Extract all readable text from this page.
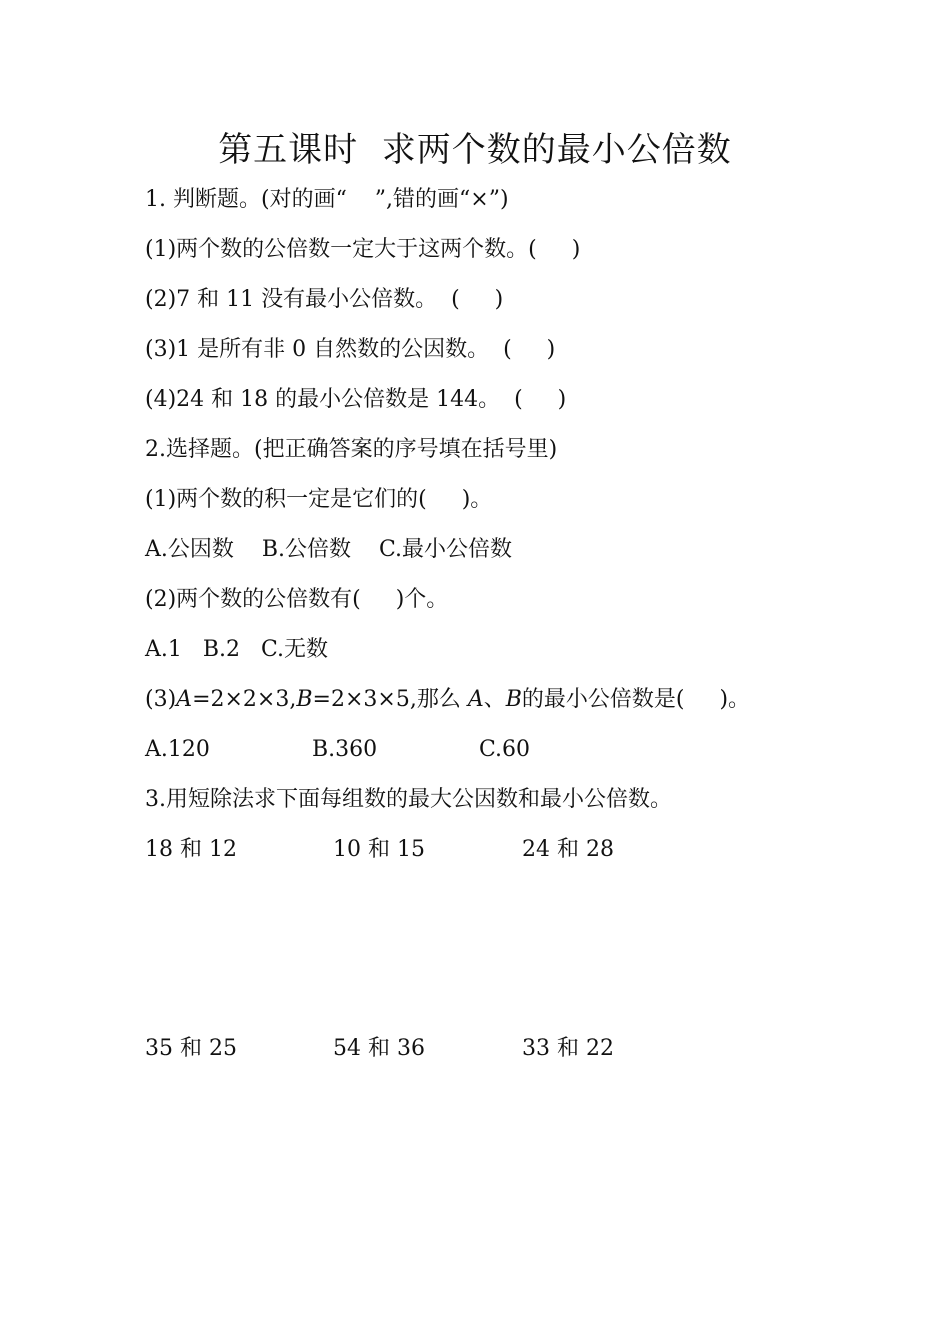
第五课时  求两个数的最小公倍数
1. 判断题。(对的画“    ”,错的画“×”)
(1)两个数的公倍数一定大于这两个数。(     )
(2)7 和 11 没有最小公倍数。  (     )
(3)1 是所有非 0 自然数的公因数。  (     )
(4)24 和 18 的最小公倍数是 144。  (     )
2.选择题。(把正确答案的序号填在括号里)
(1)两个数的积一定是它们的(     )。
A.公因数    B.公倍数    C.最小公倍数
(2)两个数的公倍数有(     )个。
A.1   B.2   C.无数
(3)A=2×2×3,B=2×3×5,那么 A、B的最小公倍数是(     )。
A.120	B.360	C.60
3.用短除法求下面每组数的最大公因数和最小公倍数。
18 和 12	10 和 15	24 和 28
35 和 25	54 和 36	33 和 22
